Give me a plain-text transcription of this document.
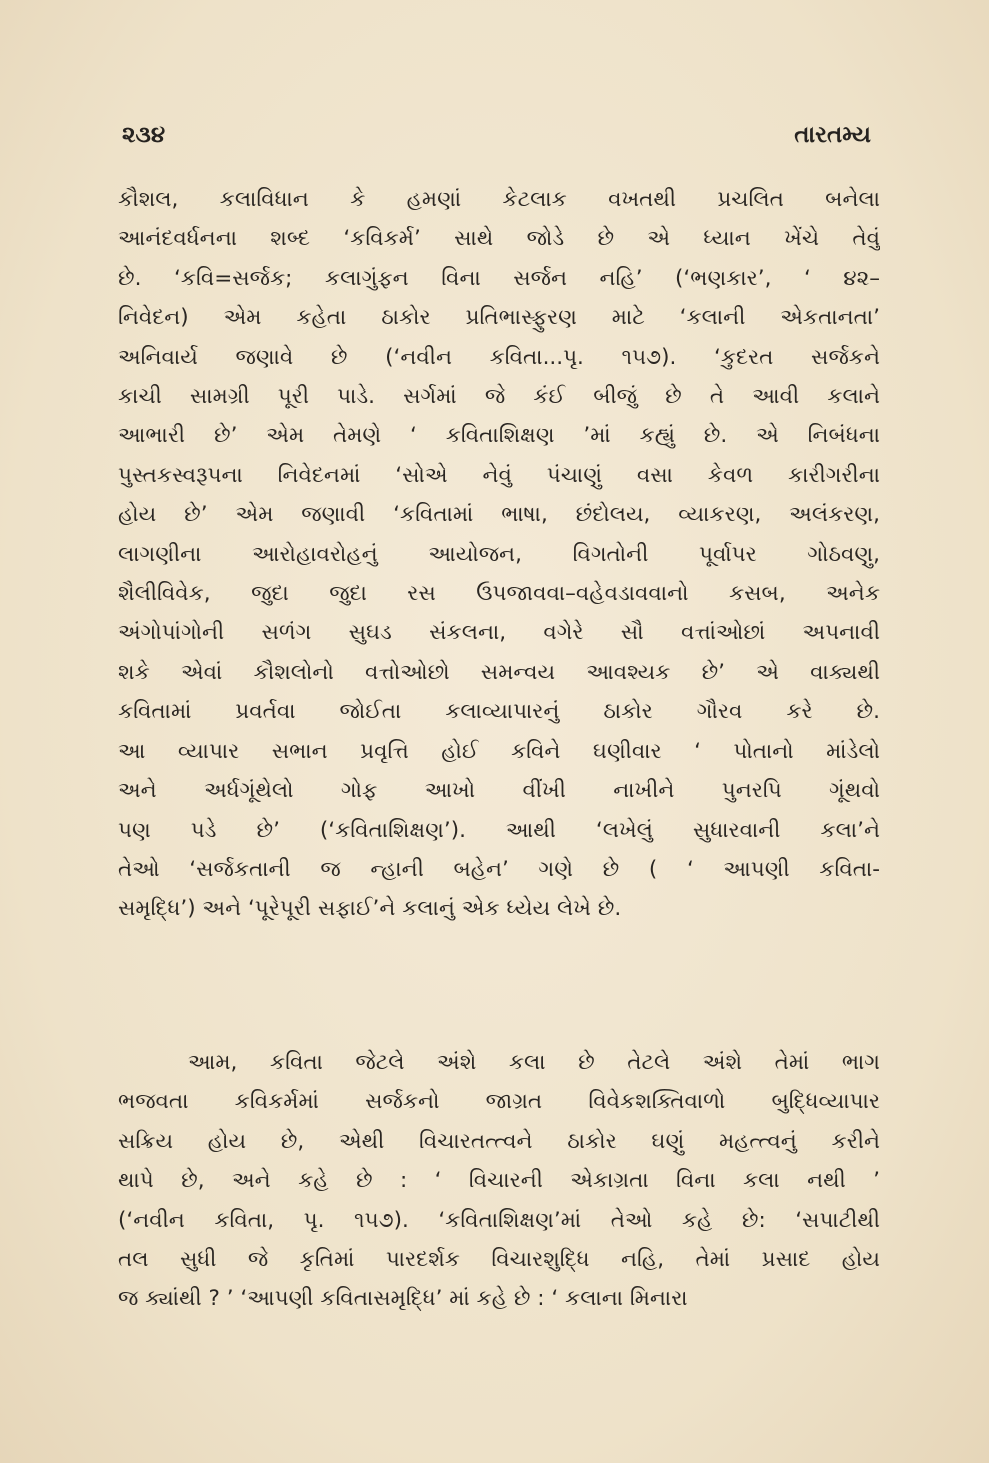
૨૩૪	તારતમ્ય
કૌશલ, કલાવિધાન કે હમણાં કેટલાક વખતથી પ્રચલિત બનેલા
આનંદવર્ધનના શબ્દ ‘કવિકર્મ’ સાથે જોડે છે એ ધ્યાન ખેંચે તેવું
છે. ‘કવિ=સર્જક; કલાગુંફન વિના સર્જન નહિ’ (‘ભણકાર’, ‘ ૪૨–
નિવેદન) એમ કહેતા ઠાકોર પ્રતિભાસ્ફુરણ માટે ‘કલાની એકતાનતા’
અનિવાર્ય જણાવે છે (‘નવીન કવિતા...પૃ. ૧૫૭). ‘કુદરત સર્જકને
કાચી સામગ્રી પૂરી પાડે. સર્ગમાં જે કંઈ બીજું છે તે આવી કલાને
આભારી છે’ એમ તેમણે ‘ કવિતાશિક્ષણ ’માં કહ્યું છે. એ નિબંધના
પુસ્તકસ્વરૂપના નિવેદનમાં ‘સોએ નેવું પંચાણું વસા કેવળ કારીગરીના
હોય છે’ એમ જણાવી ‘કવિતામાં ભાષા, છંદોલય, વ્યાકરણ, અલંકરણ,
લાગણીના આરોહાવરોહનું આયોજન, વિગતોની પૂર્વાપર ગોઠવણુ,
શૈલીવિવેક, જુદા જુદા રસ ઉપજાવવા–વહેવડાવવાનો કસબ, અનેક
અંગોપાંગોની સળંગ સુઘડ સંકલના, વગેરે સૌ વત્તાંઓછાં અપનાવી
શકે એવાં કૌશલોનો વત્તોઓછો સમન્વય આવશ્યક છે’ એ વાક્યથી
કવિતામાં પ્રવર્તવા જોઈતા કલાવ્યાપારનું ઠાકોર ગૌરવ કરે છે.
આ વ્યાપાર સભાન પ્રવૃત્તિ હોઈ કવિને ઘણીવાર ‘ પોતાનો માંડેલો
અને અર્ધગૂંથેલો ગોફ આખો વીંખી નાખીને પુનરપિ ગૂંથવો
પણ પડે છે’ (‘કવિતાશિક્ષણ’). આથી ‘લખેલું સુધારવાની કલા’ને
તેઓ ‘સર્જકતાની જ ન્હાની બહેન’ ગણે છે ( ‘ આપણી કવિતા-
સમૃદ્ધિ’) અને ‘પૂરેપૂરી સફાઈ’ને કલાનું એક ધ્યેય લેખે છે.
આમ, કવિતા જેટલે અંશે કલા છે તેટલે અંશે તેમાં ભાગ
ભજવતા કવિકર્મમાં સર્જકનો જાગ્રત વિવેકશક્તિવાળો બુદ્ધિવ્યાપાર
સક્રિય હોય છે, એથી વિચારતત્ત્વને ઠાકોર ઘણું મહત્ત્વનું કરીને
થાપે છે, અને કહે છે : ‘ વિચારની એકાગ્રતા વિના કલા નથી ’
(‘નવીન કવિતા, પૃ. ૧૫૭). ‘કવિતાશિક્ષણ’માં તેઓ કહે છે: ‘સપાટીથી
તલ સુધી જે કૃતિમાં પારદર્શક વિચારશુદ્ધિ નહિ, તેમાં પ્રસાદ હોય
જ ક્યાંથી ? ’ ‘આપણી કવિતાસમૃદ્ધિ’ માં કહે છે : ‘ કલાના મિનારા
